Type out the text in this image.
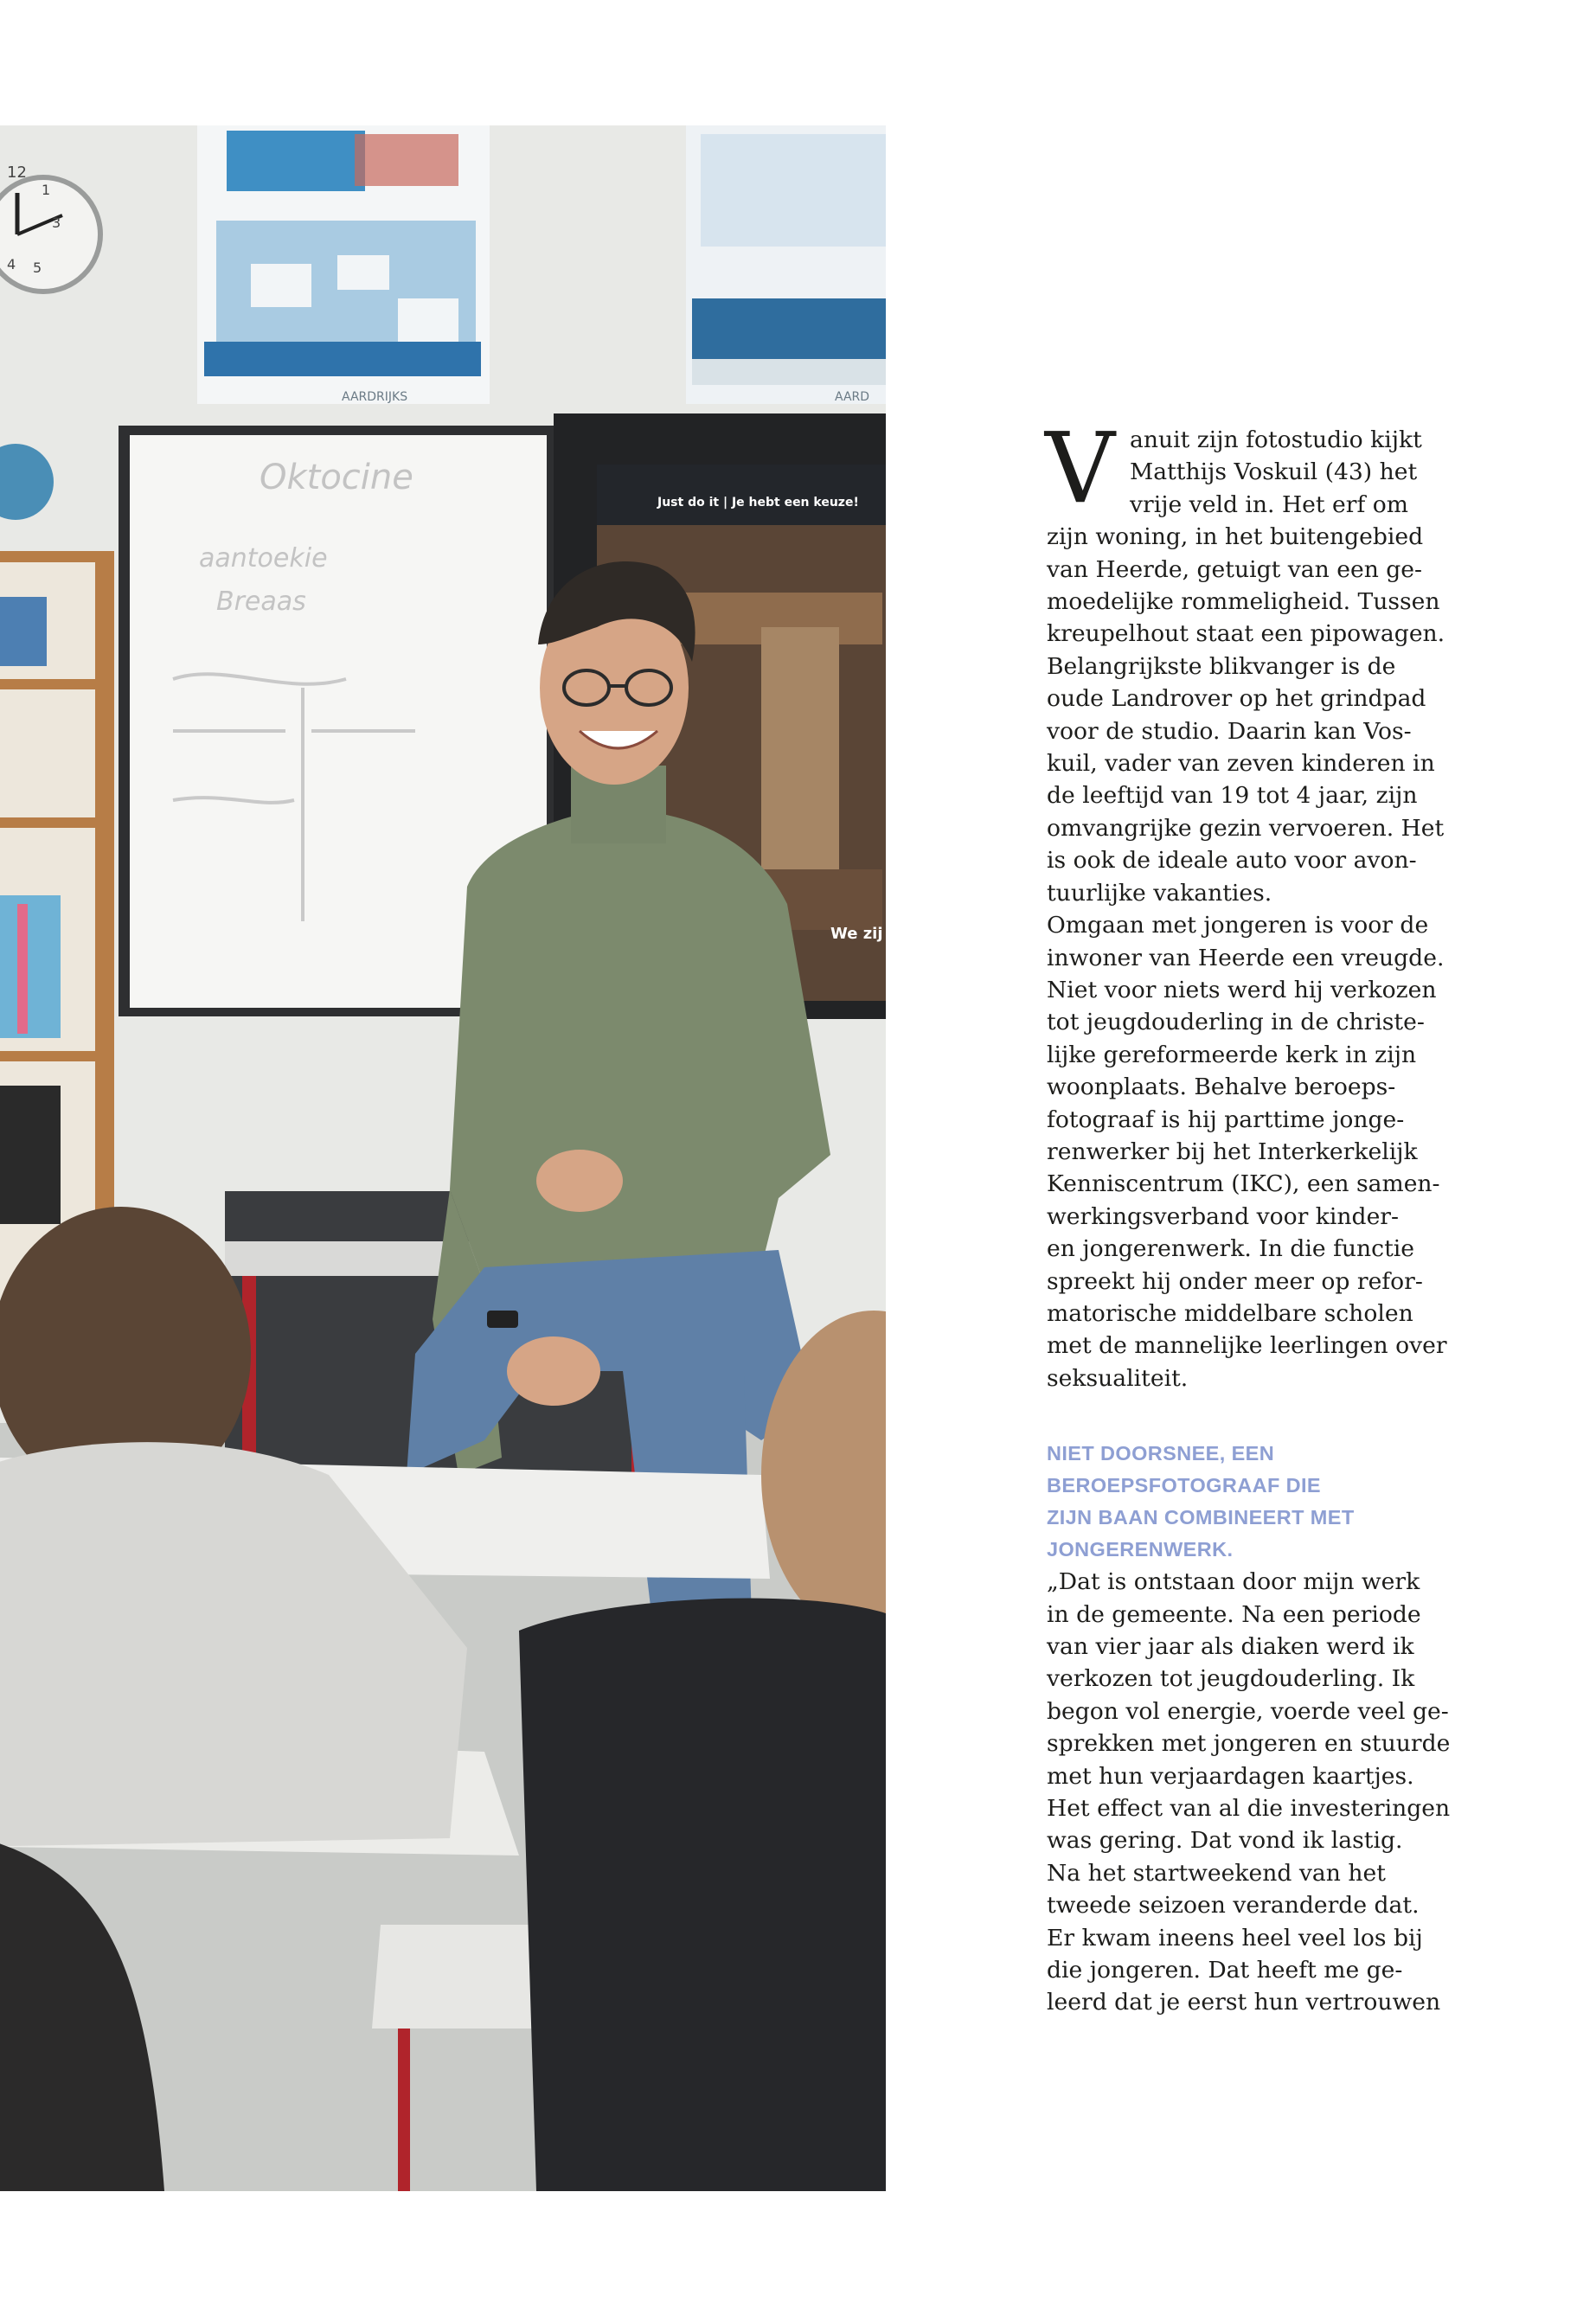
12
1
3
5
4
AARDRIJKS	AARD
Oktocine
aantoekie
Breaas
Just do it | Je hebt een keuze!
We zij
V anuit zijn fotostudio kijkt
Matthijs Voskuil (43) het
vrije veld in. Het erf om
zijn woning, in het buitengebied
van Heerde, getuigt van een ge-
moedelijke rommeligheid. Tussen
kreupelhout staat een pipowagen.
Belangrijkste blikvanger is de
oude Landrover op het grindpad
voor de studio. Daarin kan Vos-
kuil, vader van zeven kinderen in
de leeftijd van 19 tot 4 jaar, zijn
omvangrijke gezin vervoeren. Het
is ook de ideale auto voor avon-
tuurlijke vakanties.
Omgaan met jongeren is voor de
inwoner van Heerde een vreugde.
Niet voor niets werd hij verkozen
tot jeugdouderling in de christe-
lijke gereformeerde kerk in zijn
woonplaats. Behalve beroeps-
fotograaf is hij parttime jonge-
renwerker bij het Interkerkelijk
Kenniscentrum (IKC), een samen-
werkingsverband voor kinder-
en jongerenwerk. In die functie
spreekt hij onder meer op refor-
matorische middelbare scholen
met de mannelijke leerlingen over
seksualiteit.
NIET DOORSNEE, EEN
BEROEPSFOTOGRAAF DIE
ZIJN BAAN COMBINEERT MET
JONGERENWERK.
„Dat is ontstaan door mijn werk
in de gemeente. Na een periode
van vier jaar als diaken werd ik
verkozen tot jeugdouderling. Ik
begon vol energie, voerde veel ge-
sprekken met jongeren en stuurde
met hun verjaardagen kaartjes.
Het effect van al die investeringen
was gering. Dat vond ik lastig.
Na het startweekend van het
tweede seizoen veranderde dat.
Er kwam ineens heel veel los bij
die jongeren. Dat heeft me ge-
leerd dat je eerst hun vertrouwen
